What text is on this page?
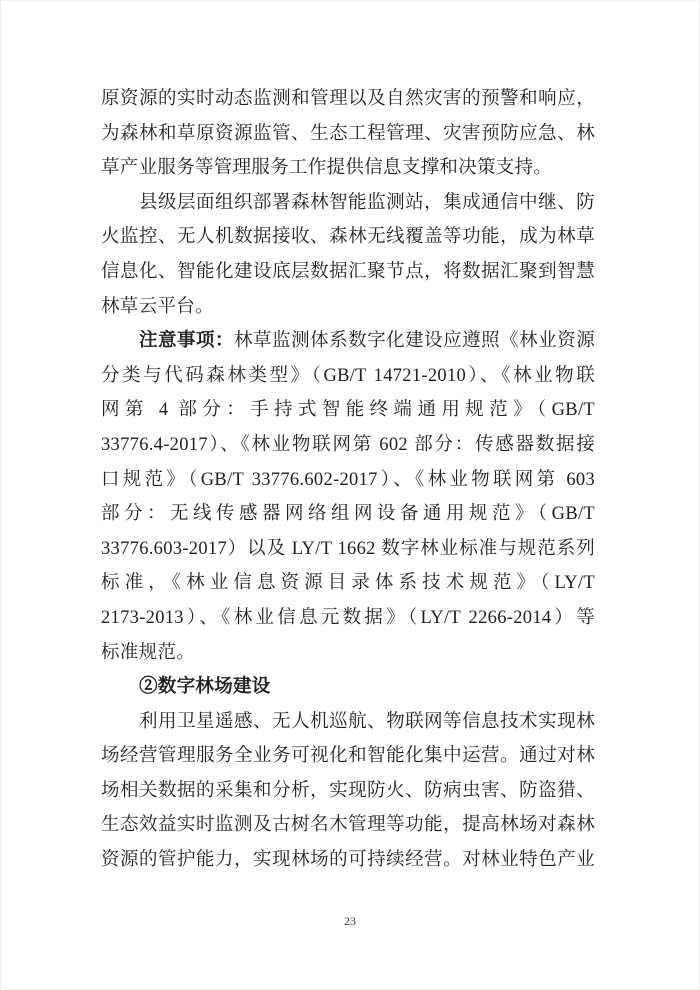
原资源的实时动态监测和管理以及自然灾害的预警和响应，
为森林和草原资源监管、生态工程管理、灾害预防应急、林
草产业服务等管理服务工作提供信息支撑和决策支持。
县级层面组织部署森林智能监测站，集成通信中继、防
火监控、无人机数据接收、森林无线覆盖等功能，成为林草
信息化、智能化建设底层数据汇聚节点，将数据汇聚到智慧
林草云平台。
注意事项：林草监测体系数字化建设应遵照《林业资源
分类与代码森林类型》（GB/T 14721-2010）、《林业物联
网第 4 部分：手持式智能终端通用规范》（GB/T
33776.4-2017）、《林业物联网第 602 部分：传感器数据接
口规范》（GB/T 33776.602-2017）、《林业物联网第 603
部分：无线传感器网络组网设备通用规范》（GB/T
33776.603-2017）以及 LY/T 1662 数字林业标准与规范系列
标准，《林业信息资源目录体系技术规范》（LY/T
2173-2013）、《林业信息元数据》（LY/T 2266-2014）等
标准规范。
②数字林场建设
利用卫星遥感、无人机巡航、物联网等信息技术实现林
场经营管理服务全业务可视化和智能化集中运营。通过对林
场相关数据的采集和分析，实现防火、防病虫害、防盗猎、
生态效益实时监测及古树名木管理等功能，提高林场对森林
资源的管护能力，实现林场的可持续经营。对林业特色产业
23
